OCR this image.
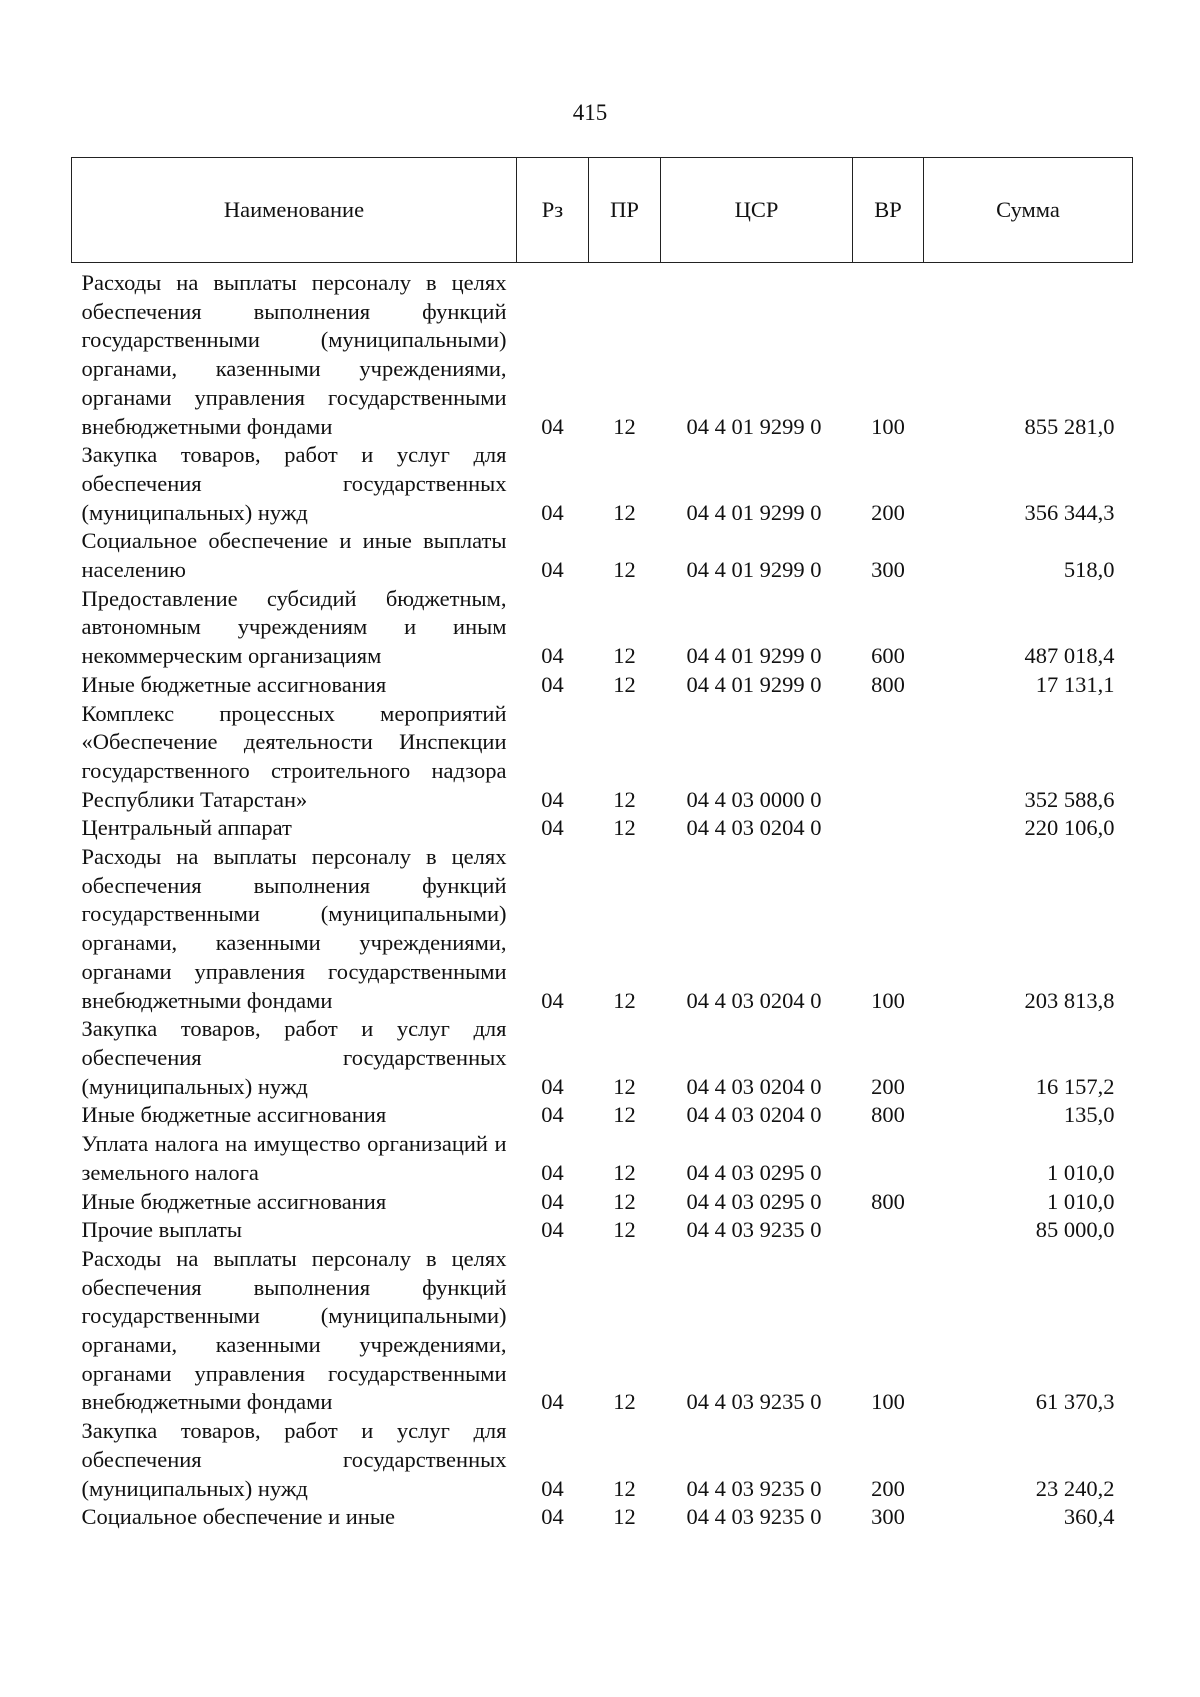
415
Наименование	Рз	ПР	ЦСР	ВР	Сумма
Расходы на выплаты персоналу в целях обеспечения выполнения функций государственными (муниципальными) органами, казенными учреждениями, органами управления государственными внебюджетными фондами	04	12	04 4 01 9299 0	100	855 281,0
Закупка товаров, работ и услуг для обеспечения государственных (муниципальных) нужд	04	12	04 4 01 9299 0	200	356 344,3
Социальное обеспечение и иные выплаты населению	04	12	04 4 01 9299 0	300	518,0
Предоставление субсидий бюджетным, автономным учреждениям и иным некоммерческим организациям	04	12	04 4 01 9299 0	600	487 018,4
Иные бюджетные ассигнования	04	12	04 4 01 9299 0	800	17 131,1
Комплекс процессных мероприятий «Обеспечение деятельности Инспекции государственного строительного надзора Республики Татарстан»	04	12	04 4 03 0000 0		352 588,6
Центральный аппарат	04	12	04 4 03 0204 0		220 106,0
Расходы на выплаты персоналу в целях обеспечения выполнения функций государственными (муниципальными) органами, казенными учреждениями, органами управления государственными внебюджетными фондами	04	12	04 4 03 0204 0	100	203 813,8
Закупка товаров, работ и услуг для обеспечения государственных (муниципальных) нужд	04	12	04 4 03 0204 0	200	16 157,2
Иные бюджетные ассигнования	04	12	04 4 03 0204 0	800	135,0
Уплата налога на имущество организаций и земельного налога	04	12	04 4 03 0295 0		1 010,0
Иные бюджетные ассигнования	04	12	04 4 03 0295 0	800	1 010,0
Прочие выплаты	04	12	04 4 03 9235 0		85 000,0
Расходы на выплаты персоналу в целях обеспечения выполнения функций государственными (муниципальными) органами, казенными учреждениями, органами управления государственными внебюджетными фондами	04	12	04 4 03 9235 0	100	61 370,3
Закупка товаров, работ и услуг для обеспечения государственных (муниципальных) нужд	04	12	04 4 03 9235 0	200	23 240,2
Социальное обеспечение и иные	04	12	04 4 03 9235 0	300	360,4
